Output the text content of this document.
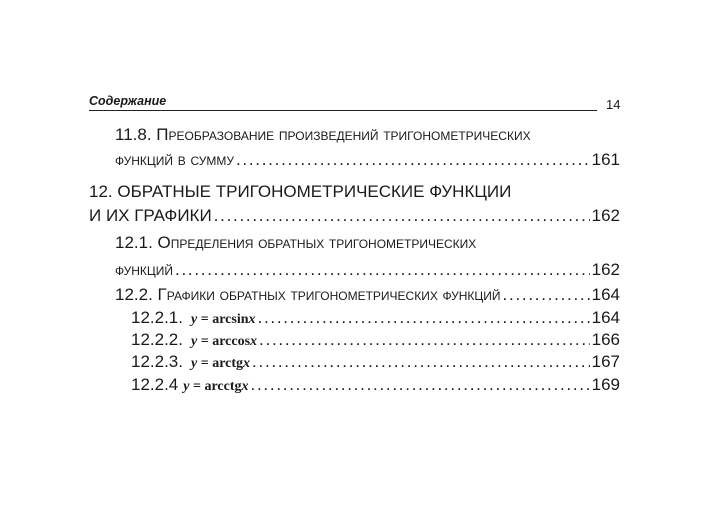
Содержание	14
11.8.
Преобразование произведений тригонометрических
функций в сумму . . .	161
12. ОБРАТНЫЕ ТРИГОНОМЕТРИЧЕСКИЕ ФУНКЦИИ
И ИХ ГРАФИКИ . . .	162
12.1.
Определения обратных тригонометрических
функций . . .	162
12.2.
Графики обратных тригонометрических функций . . .	164
12.2.1. y = arcsinx . . .	164
12.2.2. y = arccosx . . .	166
12.2.3. y = arctgx . . .	167
12.2.4 y = arcctgx . . .	169
